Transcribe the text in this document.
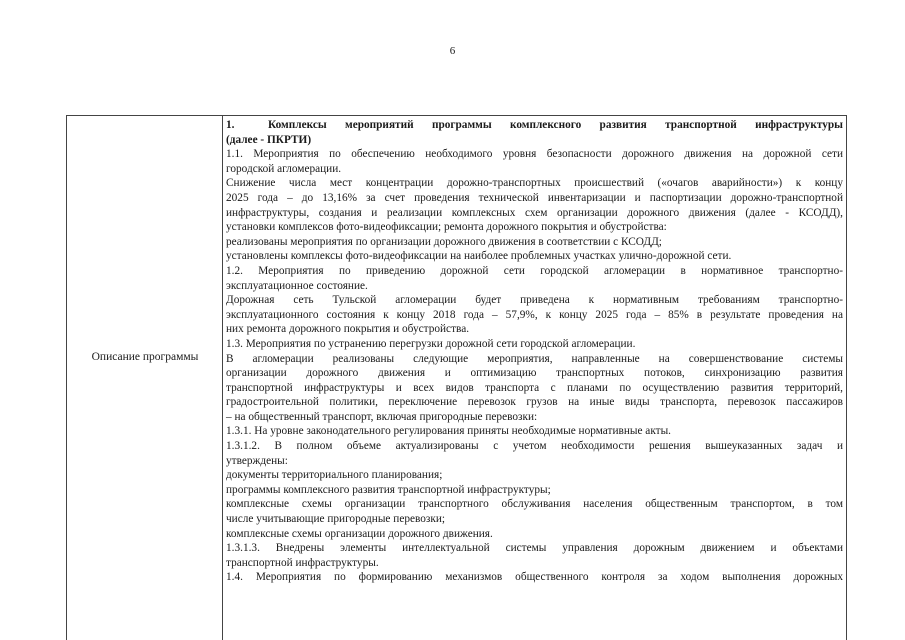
6
Описание программы

1.	Комплексы мероприятий программы комплексного развития транспортной инфраструктуры

(далее - ПКРТИ)

1.1. Мероприятия по обеспечению необходимого уровня безопасности дорожного движения на дорожной сети

городской агломерации.

Снижение числа мест концентрации дорожно-транспортных происшествий («очагов аварийности») к концу

2025 года – до 13,16% за счет проведения технической инвентаризации и паспортизации дорожно-транспортной

инфраструктуры, создания и реализации комплексных схем организации дорожного движения (далее - КСОДД),

установки комплексов фото-видеофиксации; ремонта дорожного покрытия и обустройства:

реализованы мероприятия по организации дорожного движения в соответствии с КСОДД;

установлены комплексы фото-видеофиксации на наиболее проблемных участках улично-дорожной сети.

1.2. Мероприятия по приведению дорожной сети городской агломерации в нормативное транспортно-

эксплуатационное состояние.

Дорожная сеть Тульской агломерации будет приведена к нормативным требованиям транспортно-

эксплуатационного состояния к концу 2018 года – 57,9%, к концу 2025 года – 85% в результате проведения на

них ремонта дорожного покрытия и обустройства.

1.3. Мероприятия по устранению перегрузки дорожной сети городской агломерации.

В агломерации реализованы следующие мероприятия, направленные на совершенствование системы

организации дорожного движения и оптимизацию транспортных потоков, синхронизацию развития

транспортной инфраструктуры и всех видов транспорта с планами по осуществлению развития территорий,

градостроительной политики, переключение перевозок грузов на иные виды транспорта, перевозок пассажиров

– на общественный транспорт, включая пригородные перевозки:

1.3.1. На уровне законодательного регулирования приняты необходимые нормативные акты.

1.3.1.2. В полном объеме актуализированы с учетом необходимости решения вышеуказанных задач и

утверждены:

документы территориального планирования;

программы комплексного развития транспортной инфраструктуры;

комплексные схемы организации транспортного обслуживания населения общественным транспортом, в том

числе учитывающие пригородные перевозки;

комплексные схемы организации дорожного движения.

1.3.1.3. Внедрены элементы интеллектуальной системы управления дорожным движением и объектами

транспортной инфраструктуры.

1.4. Мероприятия по формированию механизмов общественного контроля за ходом выполнения дорожных
